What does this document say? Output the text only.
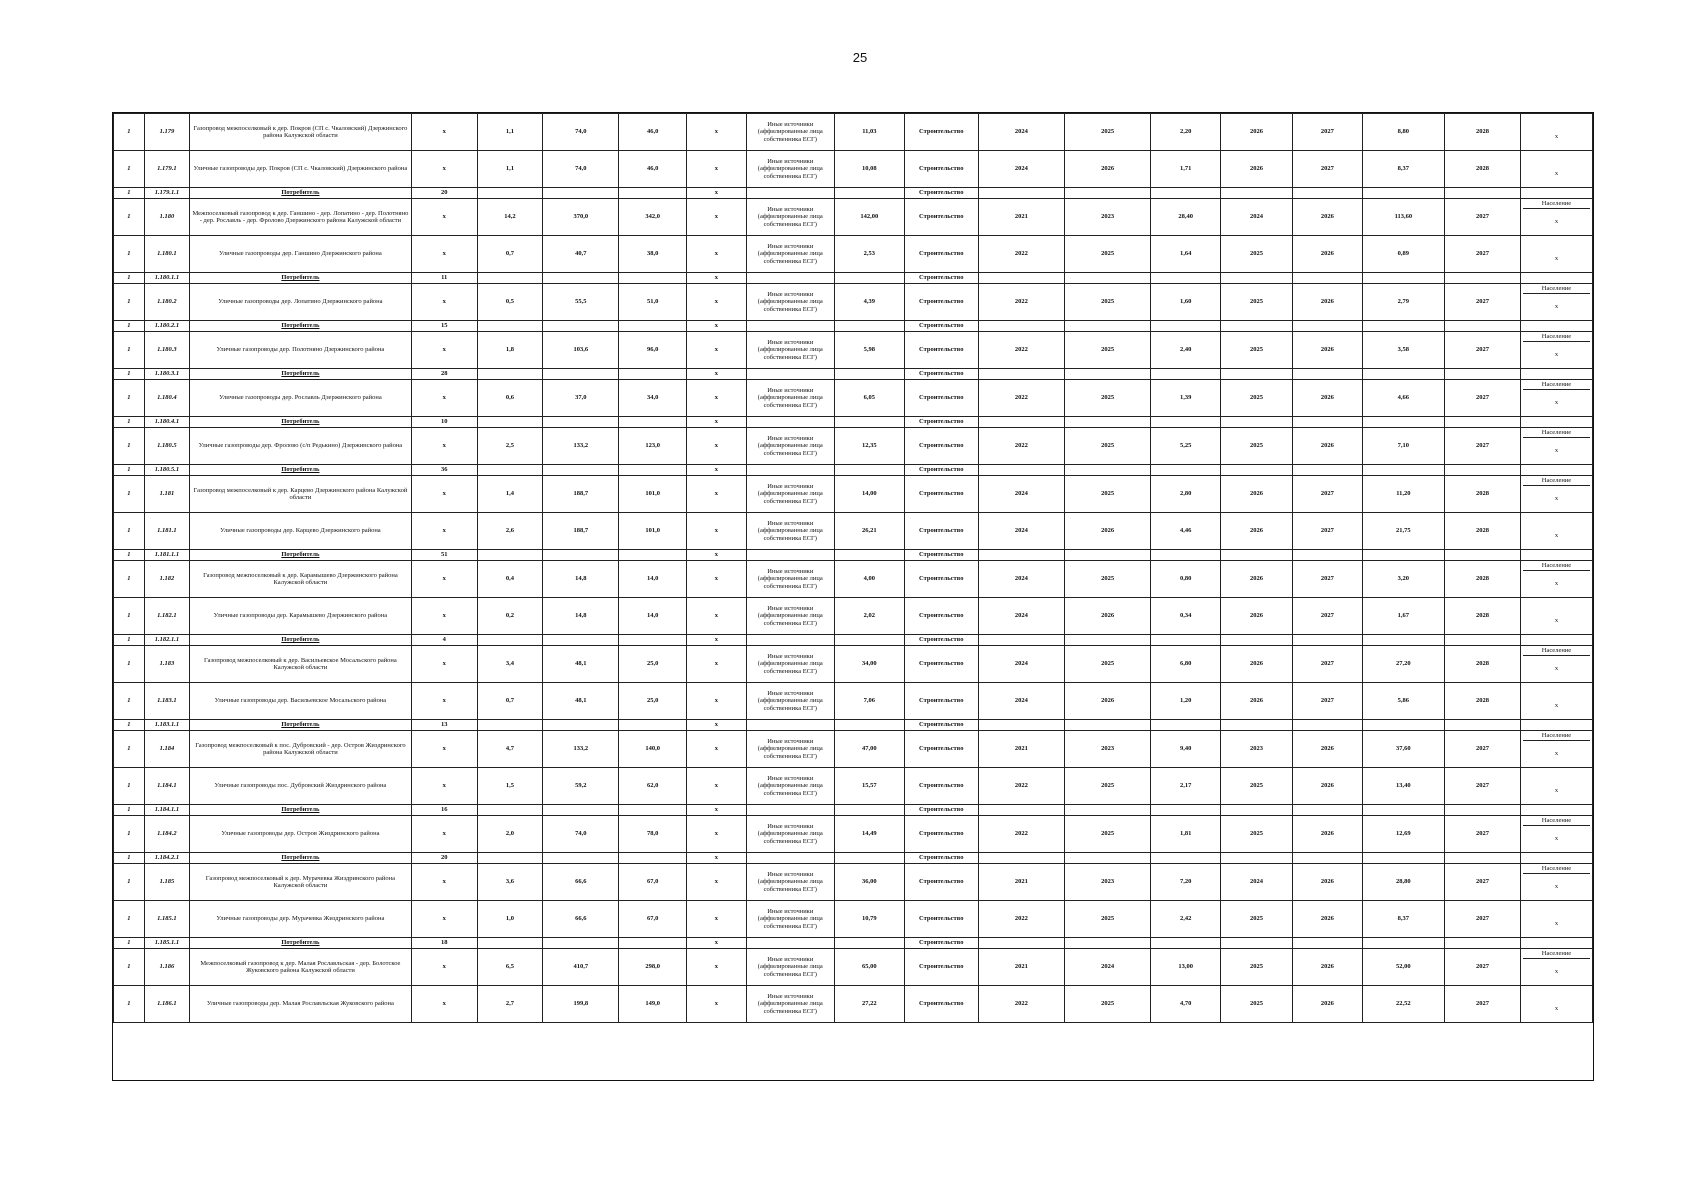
25
1	1.179	Газопровод межпоселковый к дер. Покров (СП с. Чкаловский) Дзержинского района Калужской области	x	1,1	74,0	46,0	x	Иные источники (аффилированные лица собственника ЕСГ)	11,03	Строительство	2024	2025	2,20	2026	2027	8,80	2028	x

1	1.179.1	Уличные газопроводы дер. Покров (СП с. Чкаловский) Дзержинского района	x	1,1	74,0	46,0	x	Иные источники (аффилированные лица собственника ЕСГ)	10,08	Строительство	2024	2026	1,71	2026	2027	8,37	2028	x

1	1.179.1.1	Потребитель	20				x			Строительство								
1	1.180	Межпоселковый газопровод к дер. Ганшино - дер. Лопатино - дер. Полотняно - дер. Рославль - дер. Фролово Дзержинского района Калужской области	x	14,2	370,0	342,0	x	Иные источники (аффилированные лица собственника ЕСГ)	142,00	Строительство	2021	2023	28,40	2024	2026	113,60	2027	Население
x

1	1.180.1	Уличные газопроводы дер. Ганшино Дзержинского района	x	0,7	40,7	38,0	x	Иные источники (аффилированные лица собственника ЕСГ)	2,53	Строительство	2022	2025	1,64	2025	2026	0,89	2027	x

1	1.180.1.1	Потребитель	11				x			Строительство								
1	1.180.2	Уличные газопроводы дер. Лопатино Дзержинского района	x	0,5	55,5	51,0	x	Иные источники (аффилированные лица собственника ЕСГ)	4,39	Строительство	2022	2025	1,60	2025	2026	2,79	2027	Население
x

1	1.180.2.1	Потребитель	15				x			Строительство								
1	1.180.3	Уличные газопроводы дер. Полотняно Дзержинского района	x	1,8	103,6	96,0	x	Иные источники (аффилированные лица собственника ЕСГ)	5,98	Строительство	2022	2025	2,40	2025	2026	3,58	2027	Население
x

1	1.180.3.1	Потребитель	28				x			Строительство								
1	1.180.4	Уличные газопроводы дер. Рославль Дзержинского района	x	0,6	37,0	34,0	x	Иные источники (аффилированные лица собственника ЕСГ)	6,05	Строительство	2022	2025	1,39	2025	2026	4,66	2027	Население
x

1	1.180.4.1	Потребитель	10				x			Строительство								
1	1.180.5	Уличные газопроводы дер. Фролово (с/п Редькино) Дзержинского района	x	2,5	133,2	123,0	x	Иные источники (аффилированные лица собственника ЕСГ)	12,35	Строительство	2022	2025	5,25	2025	2026	7,10	2027	Население
x

1	1.180.5.1	Потребитель	36				x			Строительство								
1	1.181	Газопровод межпоселковый к дер. Карцево Дзержинского района Калужской области	x	1,4	188,7	101,0	x	Иные источники (аффилированные лица собственника ЕСГ)	14,00	Строительство	2024	2025	2,80	2026	2027	11,20	2028	Население
x

1	1.181.1	Уличные газопроводы дер. Карцево Дзержинского района	x	2,6	188,7	101,0	x	Иные источники (аффилированные лица собственника ЕСГ)	26,21	Строительство	2024	2026	4,46	2026	2027	21,75	2028	x

1	1.181.1.1	Потребитель	51				x			Строительство								
1	1.182	Газопровод межпоселковый к дер. Карамышево Дзержинского района Калужской области	x	0,4	14,8	14,0	x	Иные источники (аффилированные лица собственника ЕСГ)	4,00	Строительство	2024	2025	0,80	2026	2027	3,20	2028	Население
x

1	1.182.1	Уличные газопроводы дер. Карамышево Дзержинского района	x	0,2	14,8	14,0	x	Иные источники (аффилированные лица собственника ЕСГ)	2,02	Строительство	2024	2026	0,34	2026	2027	1,67	2028	x

1	1.182.1.1	Потребитель	4				x			Строительство								
1	1.183	Газопровод межпоселковый к дер. Васильевское Мосальского района Калужской области	x	3,4	48,1	25,0	x	Иные источники (аффилированные лица собственника ЕСГ)	34,00	Строительство	2024	2025	6,80	2026	2027	27,20	2028	Население
x

1	1.183.1	Уличные газопроводы дер. Васильевское Мосальского района	x	0,7	48,1	25,0	x	Иные источники (аффилированные лица собственника ЕСГ)	7,06	Строительство	2024	2026	1,20	2026	2027	5,86	2028	x

1	1.183.1.1	Потребитель	13				x			Строительство								
1	1.184	Газопровод межпоселковый к пос. Дубровский - дер. Остров Жиздринского района Калужской области	x	4,7	133,2	140,0	x	Иные источники (аффилированные лица собственника ЕСГ)	47,00	Строительство	2021	2023	9,40	2023	2026	37,60	2027	Население
x

1	1.184.1	Уличные газопроводы пос. Дубровский Жиздринского района	x	1,5	59,2	62,0	x	Иные источники (аффилированные лица собственника ЕСГ)	15,57	Строительство	2022	2025	2,17	2025	2026	13,40	2027	x

1	1.184.1.1	Потребитель	16				x			Строительство								
1	1.184.2	Уличные газопроводы дер. Остров Жиздринского района	x	2,0	74,0	78,0	x	Иные источники (аффилированные лица собственника ЕСГ)	14,49	Строительство	2022	2025	1,81	2025	2026	12,69	2027	Население
x

1	1.184.2.1	Потребитель	20				x			Строительство								
1	1.185	Газопровод межпоселковый к дер. Мурачевка Жиздринского района Калужской области	x	3,6	66,6	67,0	x	Иные источники (аффилированные лица собственника ЕСГ)	36,00	Строительство	2021	2023	7,20	2024	2026	28,80	2027	Население
x

1	1.185.1	Уличные газопроводы дер. Мурачевка Жиздринского района	x	1,0	66,6	67,0	x	Иные источники (аффилированные лица собственника ЕСГ)	10,79	Строительство	2022	2025	2,42	2025	2026	8,37	2027	x

1	1.185.1.1	Потребитель	18				x			Строительство								
1	1.186	Межпоселковый газопровод к дер. Малая Рославльская - дер. Болотское Жуковского района Калужской области	x	6,5	410,7	298,0	x	Иные источники (аффилированные лица собственника ЕСГ)	65,00	Строительство	2021	2024	13,00	2025	2026	52,00	2027	Население
x

1	1.186.1	Уличные газопроводы дер. Малая Рославльская Жуковского района	x	2,7	199,8	149,0	x	Иные источники (аффилированные лица собственника ЕСГ)	27,22	Строительство	2022	2025	4,70	2025	2026	22,52	2027	x
